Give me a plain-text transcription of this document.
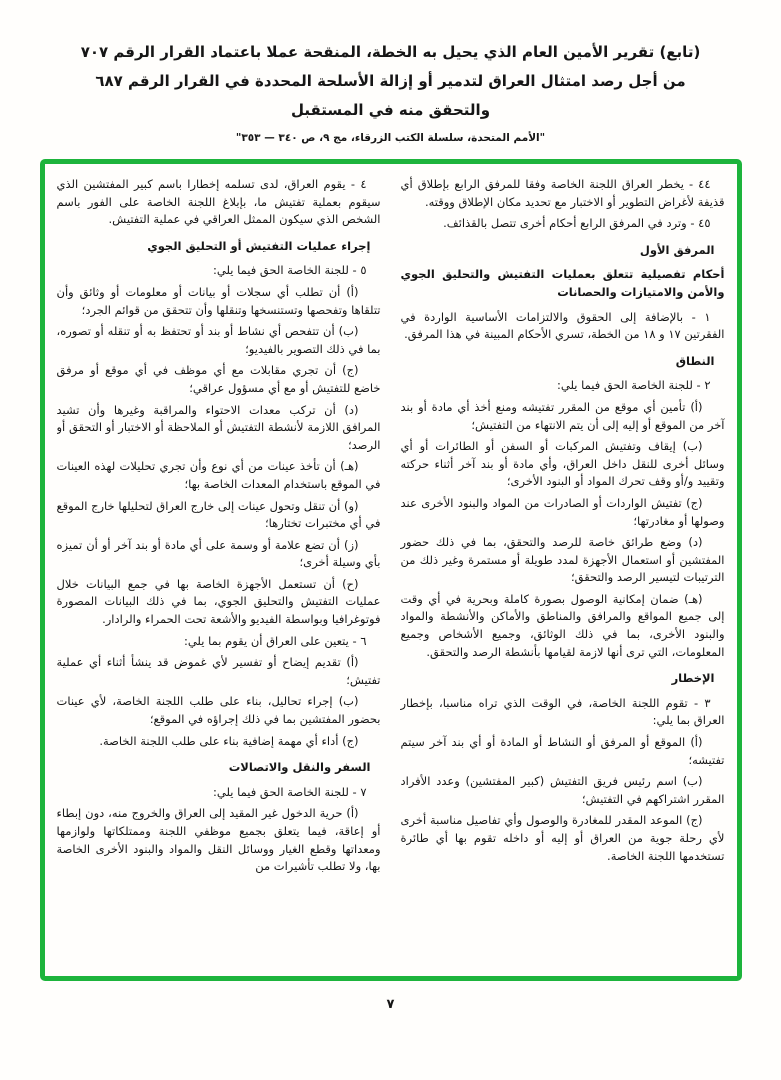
(تابع) تقرير الأمين العام الذي يحيل به الخطة، المنقحة عملا باعتماد القرار الرقم ٧٠٧
من أجل رصد امتثال العراق لتدمير أو إزالة الأسلحة المحددة في القرار الرقم ٦٨٧
والتحقق منه في المستقبل
"الأمم المتحدة، سلسلة الكتب الزرقاء، مج ٩، ص ٣٤٠ — ٣٥٣"

٤٤ - يخطر العراق اللجنة الخاصة وفقا للمرفق الرابع بإطلاق أي قذيفة لأغراض التطوير أو الاختبار مع تحديد مكان الإطلاق ووقته.

٤٥ - وترد في المرفق الرابع أحكام أخرى تتصل بالقذائف.

المرفق الأول

أحكام تفصيلية تتعلق بعمليات التفتيش والتحليق الجوي والأمن والامتيازات والحصانات

١ - بالإضافة إلى الحقوق والالتزامات الأساسية الواردة في الفقرتين ١٧ و ١٨ من الخطة، تسري الأحكام المبينة في هذا المرفق.

النطاق

٢ - للجنة الخاصة الحق فيما يلي:

(أ) تأمين أي موقع من المقرر تفتيشه ومنع أخذ أي مادة أو بند آخر من الموقع أو إليه إلى أن يتم الانتهاء من التفتيش؛

(ب) إيقاف وتفتيش المركبات أو السفن أو الطائرات أو أي وسائل أخرى للنقل داخل العراق، وأي مادة أو بند آخر أثناء حركته وتقييد و/أو وقف تحرك المواد أو البنود الأخرى؛

(ج) تفتيش الواردات أو الصادرات من المواد والبنود الأخرى عند وصولها أو مغادرتها؛

(د) وضع طرائق خاصة للرصد والتحقق، بما في ذلك حضور المفتشين أو استعمال الأجهزة لمدد طويلة أو مستمرة وغير ذلك من الترتيبات لتيسير الرصد والتحقق؛

(هـ) ضمان إمكانية الوصول بصورة كاملة وبحرية في أي وقت إلى جميع المواقع والمرافق والمناطق والأماكن والأنشطة والمواد والبنود الأخرى، بما في ذلك الوثائق، وجميع الأشخاص وجميع المعلومات، التي ترى أنها لازمة لقيامها بأنشطة الرصد والتحقق.

الإخطار

٣ - تقوم اللجنة الخاصة، في الوقت الذي تراه مناسبا، بإخطار العراق بما يلي:

(أ) الموقع أو المرفق أو النشاط أو المادة أو أي بند آخر سيتم تفتيشه؛

(ب) اسم رئيس فريق التفتيش (كبير المفتشين) وعدد الأفراد المقرر اشتراكهم في التفتيش؛

(ج) الموعد المقدر للمغادرة والوصول وأي تفاصيل مناسبة أخرى لأي رحلة جوية من العراق أو إليه أو داخله تقوم بها أي طائرة تستخدمها اللجنة الخاصة.

٤ - يقوم العراق، لدى تسلمه إخطارا باسم كبير المفتشين الذي سيقوم بعملية تفتيش ما، بإبلاغ اللجنة الخاصة على الفور باسم الشخص الذي سيكون الممثل العراقي في عملية التفتيش.

إجراء عمليات التفتيش أو التحليق الجوي

٥ - للجنة الخاصة الحق فيما يلي:

(أ) أن تطلب أي سجلات أو بيانات أو معلومات أو وثائق وأن تتلقاها وتفحصها وتستنسخها وتنقلها وأن تتحقق من قوائم الجرد؛

(ب) أن تتفحص أي نشاط أو بند أو تحتفظ به أو تنقله أو تصوره، بما في ذلك التصوير بالفيديو؛

(ج) أن تجري مقابلات مع أي موظف في أي موقع أو مرفق خاضع للتفتيش أو مع أي مسؤول عراقي؛

(د) أن تركب معدات الاحتواء والمراقبة وغيرها وأن تشيد المرافق اللازمة لأنشطة التفتيش أو الملاحظة أو الاختبار أو التحقق أو الرصد؛

(هـ) أن تأخذ عينات من أي نوع وأن تجري تحليلات لهذه العينات في الموقع باستخدام المعدات الخاصة بها؛

(و) أن تنقل وتحول عينات إلى خارج العراق لتحليلها خارج الموقع في أي مختبرات تختارها؛

(ز) أن تضع علامة أو وسمة على أي مادة أو بند آخر أو أن تميزه بأي وسيلة أخرى؛

(ح) أن تستعمل الأجهزة الخاصة بها في جمع البيانات خلال عمليات التفتيش والتحليق الجوي، بما في ذلك البيانات المصورة فوتوغرافيا وبواسطة الفيديو والأشعة تحت الحمراء والرادار.

٦ - يتعين على العراق أن يقوم بما يلي:

(أ) تقديم إيضاح أو تفسير لأي غموض قد ينشأ أثناء أي عملية تفتيش؛

(ب) إجراء تحاليل، بناء على طلب اللجنة الخاصة، لأي عينات بحضور المفتشين بما في ذلك إجراؤه في الموقع؛

(ج) أداء أي مهمة إضافية بناء على طلب اللجنة الخاصة.

السفر والنقل والاتصالات

٧ - للجنة الخاصة الحق فيما يلي:

(أ) حرية الدخول غير المقيد إلى العراق والخروج منه، دون إبطاء أو إعاقة، فيما يتعلق بجميع موظفي اللجنة وممتلكاتها ولوازمها ومعداتها وقطع الغيار ووسائل النقل والمواد والبنود الأخرى الخاصة بها، ولا تطلب تأشيرات من

٧
